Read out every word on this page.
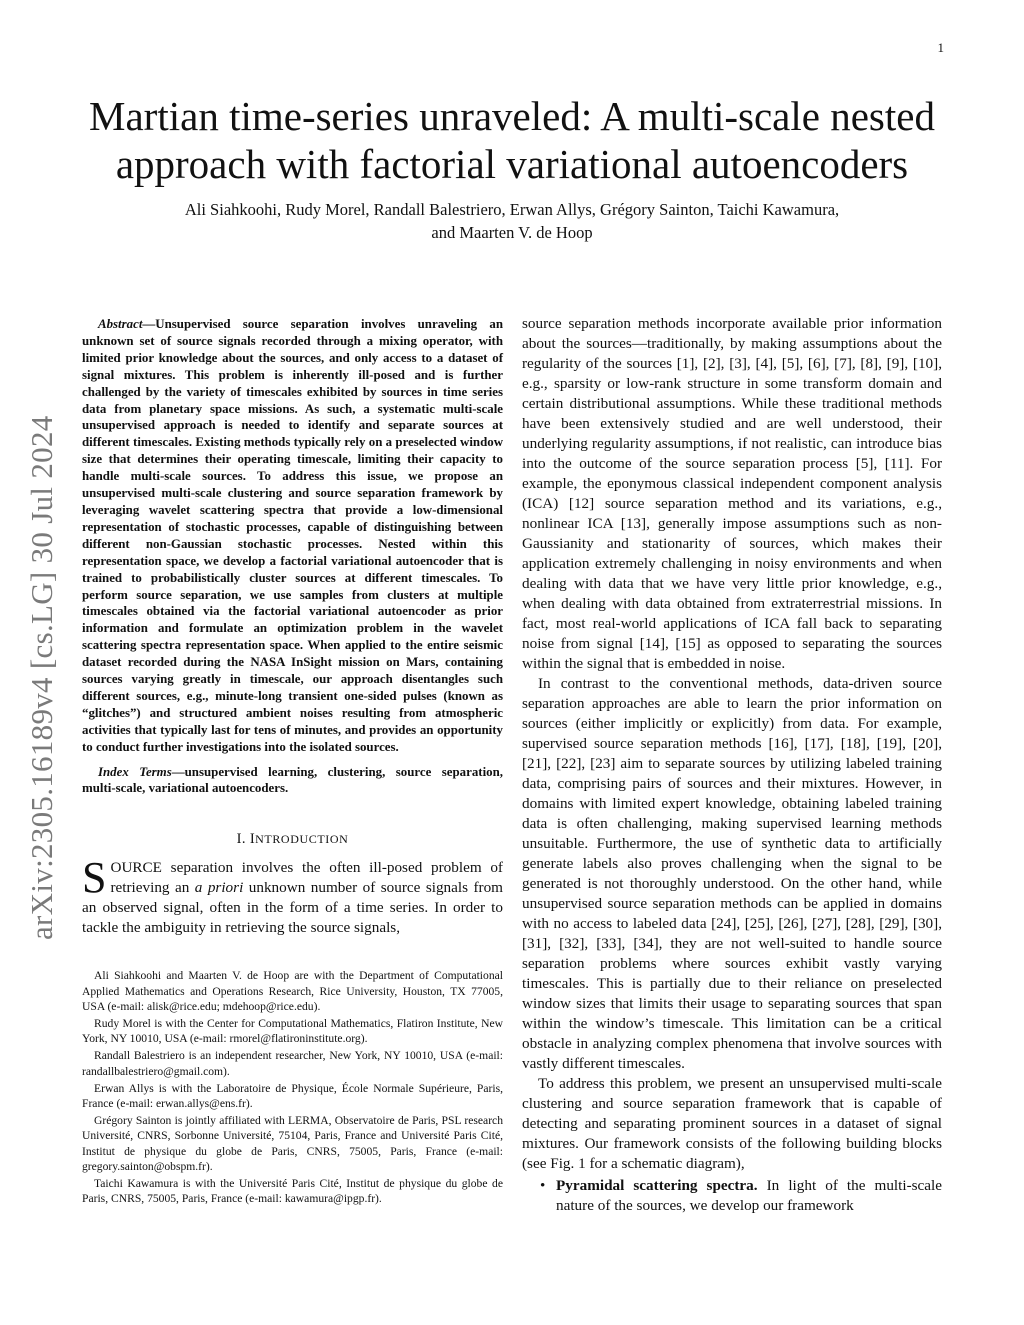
1
arXiv:2305.16189v4 [cs.LG] 30 Jul 2024
Martian time-series unraveled: A multi-scale nested approach with factorial variational autoencoders
Ali Siahkoohi, Rudy Morel, Randall Balestriero, Erwan Allys, Grégory Sainton, Taichi Kawamura,
and Maarten V. de Hoop

Abstract—Unsupervised source separation involves unraveling an unknown set of source signals recorded through a mixing operator, with limited prior knowledge about the sources, and only access to a dataset of signal mixtures. This problem is inherently ill-posed and is further challenged by the variety of timescales exhibited by sources in time series data from planetary space missions. As such, a systematic multi-scale unsupervised approach is needed to identify and separate sources at different timescales. Existing methods typically rely on a preselected window size that determines their operating timescale, limiting their capacity to handle multi-scale sources. To address this issue, we propose an unsupervised multi-scale clustering and source separation framework by leveraging wavelet scattering spectra that provide a low-dimensional representation of stochastic processes, capable of distinguishing between different non-Gaussian stochastic processes. Nested within this representation space, we develop a factorial variational autoencoder that is trained to probabilistically cluster sources at different timescales. To perform source separation, we use samples from clusters at multiple timescales obtained via the factorial variational autoencoder as prior information and formulate an optimization problem in the wavelet scattering spectra representation space. When applied to the entire seismic dataset recorded during the NASA InSight mission on Mars, containing sources varying greatly in timescale, our approach disentangles such different sources, e.g., minute-long transient one-sided pulses (known as “glitches”) and structured ambient noises resulting from atmospheric activities that typically last for tens of minutes, and provides an opportunity to conduct further investigations into the isolated sources.

Index Terms—unsupervised learning, clustering, source separation, multi-scale, variational autoencoders.

I. INTRODUCTION

SOURCE separation involves the often ill-posed problem of retrieving an a priori unknown number of source signals from an observed signal, often in the form of a time series. In order to tackle the ambiguity in retrieving the source signals,

Ali Siahkoohi and Maarten V. de Hoop are with the Department of Computational Applied Mathematics and Operations Research, Rice University, Houston, TX 77005, USA (e-mail: alisk@rice.edu; mdehoop@rice.edu).

Rudy Morel is with the Center for Computational Mathematics, Flatiron Institute, New York, NY 10010, USA (e-mail: rmorel@flatironinstitute.org).

Randall Balestriero is an independent researcher, New York, NY 10010, USA (e-mail: randallbalestriero@gmail.com).

Erwan Allys is with the Laboratoire de Physique, École Normale Supérieure, Paris, France (e-mail: erwan.allys@ens.fr).

Grégory Sainton is jointly affiliated with LERMA, Observatoire de Paris, PSL research Université, CNRS, Sorbonne Université, 75104, Paris, France and Université Paris Cité, Institut de physique du globe de Paris, CNRS, 75005, Paris, France (e-mail: gregory.sainton@obspm.fr).

Taichi Kawamura is with the Université Paris Cité, Institut de physique du globe de Paris, CNRS, 75005, Paris, France (e-mail: kawamura@ipgp.fr).

source separation methods incorporate available prior information about the sources—traditionally, by making assumptions about the regularity of the sources [1], [2], [3], [4], [5], [6], [7], [8], [9], [10], e.g., sparsity or low-rank structure in some transform domain and certain distributional assumptions. While these traditional methods have been extensively studied and are well understood, their underlying regularity assumptions, if not realistic, can introduce bias into the outcome of the source separation process [5], [11]. For example, the eponymous classical independent component analysis (ICA) [12] source separation method and its variations, e.g., nonlinear ICA [13], generally impose assumptions such as non-Gaussianity and stationarity of sources, which makes their application extremely challenging in noisy environments and when dealing with data that we have very little prior knowledge, e.g., when dealing with data obtained from extraterrestrial missions. In fact, most real-world applications of ICA fall back to separating noise from signal [14], [15] as opposed to separating the sources within the signal that is embedded in noise.

In contrast to the conventional methods, data-driven source separation approaches are able to learn the prior information on sources (either implicitly or explicitly) from data. For example, supervised source separation methods [16], [17], [18], [19], [20], [21], [22], [23] aim to separate sources by utilizing labeled training data, comprising pairs of sources and their mixtures. However, in domains with limited expert knowledge, obtaining labeled training data is often challenging, making supervised learning methods unsuitable. Furthermore, the use of synthetic data to artificially generate labels also proves challenging when the signal to be generated is not thoroughly understood. On the other hand, while unsupervised source separation methods can be applied in domains with no access to labeled data [24], [25], [26], [27], [28], [29], [30], [31], [32], [33], [34], they are not well-suited to handle source separation problems where sources exhibit vastly varying timescales. This is partially due to their reliance on preselected window sizes that limits their usage to separating sources that span within the window’s timescale. This limitation can be a critical obstacle in analyzing complex phenomena that involve sources with vastly different timescales.

To address this problem, we present an unsupervised multi-scale clustering and source separation framework that is capable of detecting and separating prominent sources in a dataset of signal mixtures. Our framework consists of the following building blocks (see Fig. 1 for a schematic diagram),

• Pyramidal scattering spectra. In light of the multi-scale nature of the sources, we develop our framework
